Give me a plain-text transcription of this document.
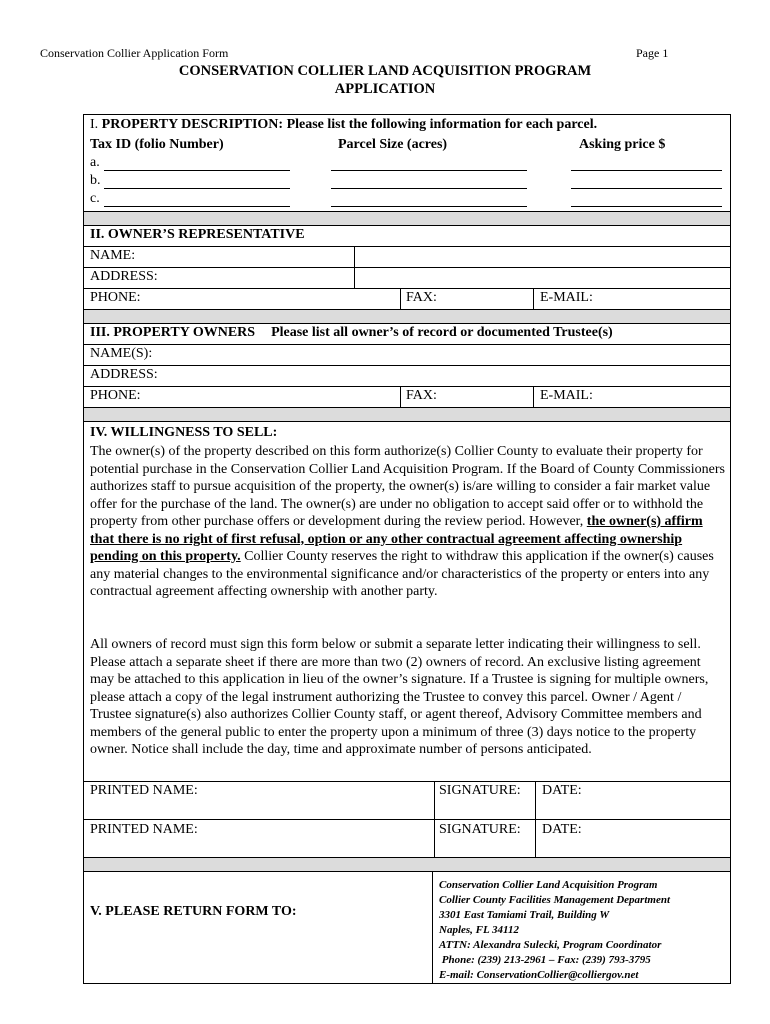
Conservation Collier Application Form	Page 1
CONSERVATION COLLIER LAND ACQUISITION PROGRAM
APPLICATION
I. PROPERTY DESCRIPTION: Please list the following information for each parcel.
Tax ID (folio Number)	Parcel Size (acres)	Asking price $
a.
b.
c.
II. OWNER’S REPRESENTATIVE
NAME:
ADDRESS:
PHONE:	FAX:	E-MAIL:
III. PROPERTY OWNERS Please list all owner’s of record or documented Trustee(s)
NAME(S):
ADDRESS:
PHONE:	FAX:	E-MAIL:
IV. WILLINGNESS TO SELL:
The owner(s) of the property described on this form authorize(s) Collier County to evaluate their property for potential purchase in the Conservation Collier Land Acquisition Program. If the Board of County Commissioners authorizes staff to pursue acquisition of the property, the owner(s) is/are willing to consider a fair market value offer for the purchase of the land. The owner(s) are under no obligation to accept said offer or to withhold the property from other purchase offers or development during the review period. However, the owner(s) affirm that there is no right of first refusal, option or any other contractual agreement affecting ownership pending on this property. Collier County reserves the right to withdraw this application if the owner(s) causes any material changes to the environmental significance and/or characteristics of the property or enters into any contractual agreement affecting ownership with another party.
All owners of record must sign this form below or submit a separate letter indicating their willingness to sell. Please attach a separate sheet if there are more than two (2) owners of record. An exclusive listing agreement may be attached to this application in lieu of the owner’s signature. If a Trustee is signing for multiple owners, please attach a copy of the legal instrument authorizing the Trustee to convey this parcel. Owner / Agent / Trustee signature(s) also authorizes Collier County staff, or agent thereof, Advisory Committee members and members of the general public to enter the property upon a minimum of three (3) days notice to the property owner. Notice shall include the day, time and approximate number of persons anticipated.
PRINTED NAME:	SIGNATURE: DATE:
PRINTED NAME:	SIGNATURE: DATE:
V. PLEASE RETURN FORM TO:
Conservation Collier Land Acquisition Program
Collier County Facilities Management Department
3301 East Tamiami Trail, Building W
Naples, FL 34112
ATTN: Alexandra Sulecki, Program Coordinator
Phone: (239) 213-2961 – Fax: (239) 793-3795
E-mail: ConservationCollier@colliergov.net
